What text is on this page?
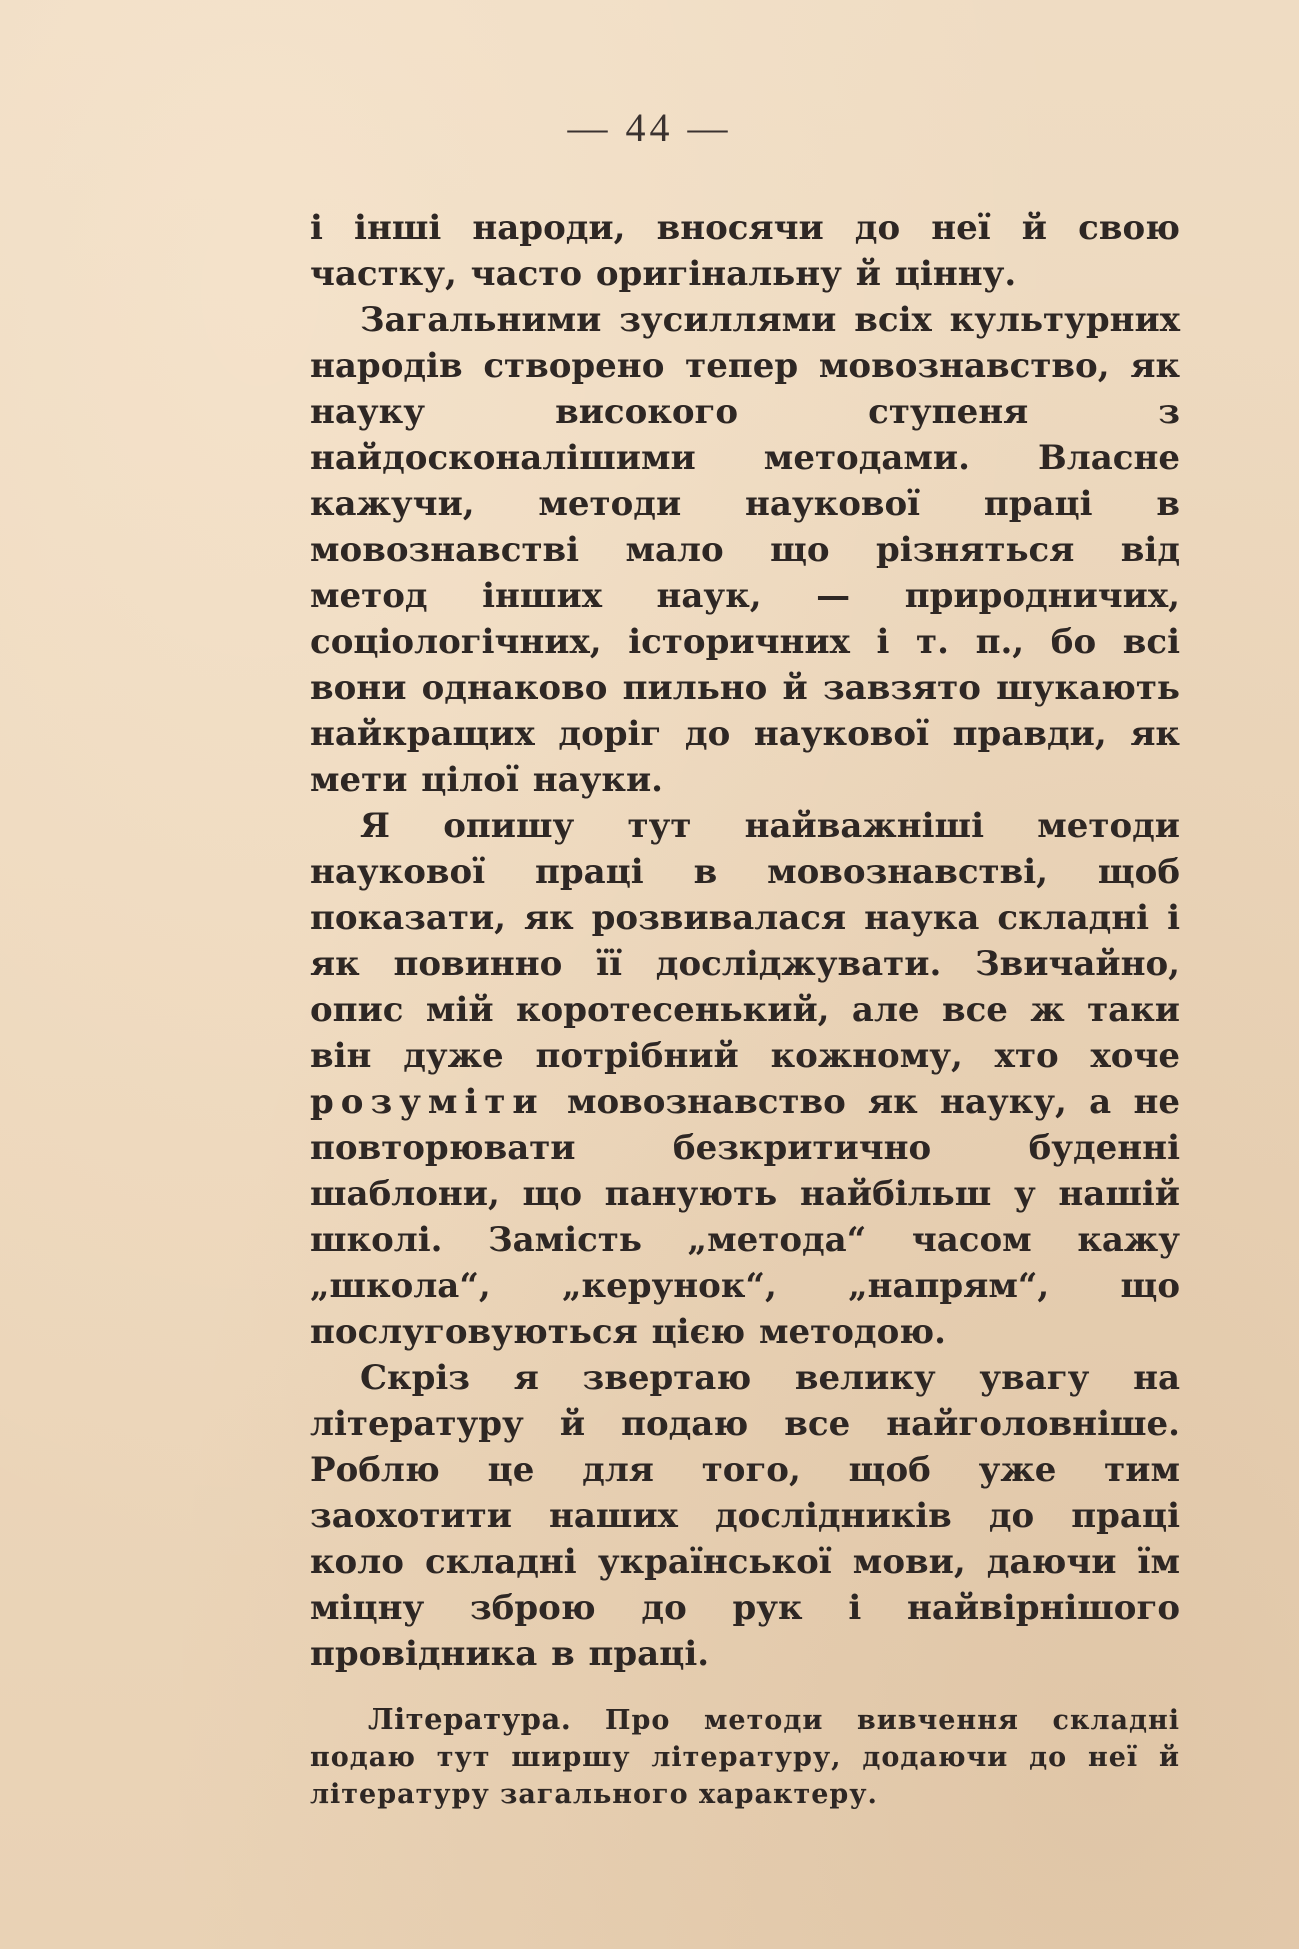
— 44 —

і інші народи, вносячи до неї й свою частку, часто оригінальну й цінну.

Загальними зусиллями всіх культурних народів створено тепер мовознавство, як науку високого ступеня з найдосконалішими методами. Власне кажучи, методи наукової праці в мовознавстві мало що різняться від метод інших наук, — природничих, соціологічних, історичних і т. п., бо всі вони однаково пильно й завзято шукають найкращих доріг до наукової правди, як мети цілої науки.

Я опишу тут найважніші методи наукової праці в мовознавстві, щоб показати, як розвивалася наука складні і як повинно її досліджувати. Звичайно, опис мій коротесенький, але все ж таки він дуже потрібний кожному, хто хоче розуміти мовознавство як науку, а не повторювати безкритично буденні шаблони, що панують найбільш у нашій школі. Замість „метода“ часом кажу „школа“, „керунок“, „напрям“, що послуговуються цією методою.

Скріз я звертаю велику увагу на літературу й подаю все найголовніше. Роблю це для того, щоб уже тим заохотити наших дослідників до праці коло складні української мови, даючи їм міцну зброю до рук і найвірнішого провідника в праці.

Література. Про методи вивчення складні подаю тут ширшу літературу, додаючи до неї й літературу загального характеру.
